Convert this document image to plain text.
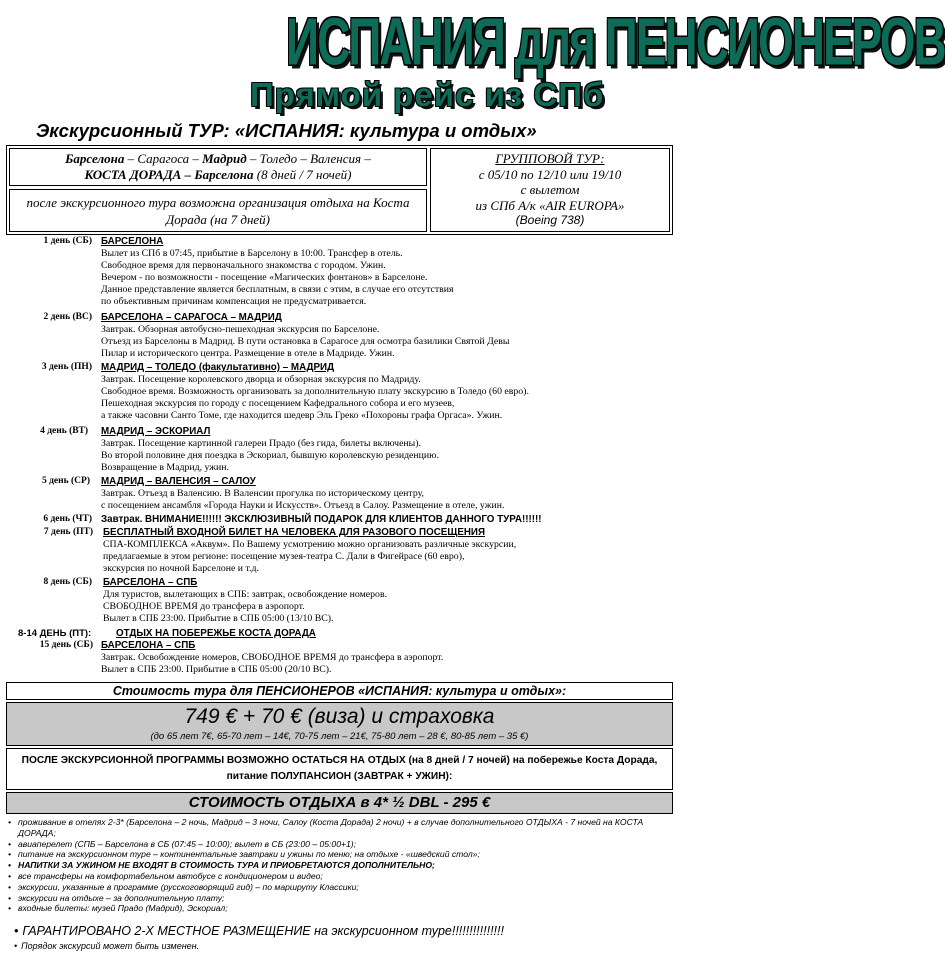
ИСПАНИЯ для ПЕНСИОНЕРОВ
Прямой рейс из СПб
Экскурсионный ТУР: «ИСПАНИЯ: культура и отдых»
Барселона – Сарагоса – Мадрид – Толедо – Валенсия –
КОСТА ДОРАДА – Барселона (8 дней / 7 ночей)
после экскурсионного тура возможна организация отдыха на Коста Дорада (на 7 дней)
ГРУППОВОЙ ТУР:
с 05/10 по 12/10 или 19/10
с вылетом
из СПб А/к «AIR EUROPA»
(Boeing 738)
1 день (СБ) БАРСЕЛОНА
Вылет из СПб в 07:45, прибытие в Барселону в 10:00. Трансфер в отель.
Свободное время для первоначального знакомства с городом. Ужин.
Вечером - по возможности - посещение «Магических фонтанов» в Барселоне.
Данное представление является бесплатным, в связи с этим, в случае его отсутствия
по объективным причинам компенсация не предусматривается.
2 день (ВС) БАРСЕЛОНА – САРАГОСА – МАДРИД
Завтрак. Обзорная автобусно-пешеходная экскурсия по Барселоне.
Отъезд из Барселоны в Мадрид. В пути остановка в Сарагосе для осмотра базилики Святой Девы
Пилар и исторического центра. Размещение в отеле в Мадриде. Ужин.
3 день (ПН) МАДРИД – ТОЛЕДО (факультативно) – МАДРИД
Завтрак. Посещение королевского дворца и обзорная экскурсия по Мадриду.
Свободное время. Возможность организовать за дополнительную плату экскурсию в Толедо (60 евро).
Пешеходная экскурсия по городу с посещением Кафедрального собора и его музеев,
а также часовни Санто Томе, где находится шедевр Эль Греко «Похороны графа Оргаса». Ужин.
4 день (ВТ) МАДРИД – ЭСКОРИАЛ
Завтрак. Посещение картинной галереи Прадо (без гида, билеты включены).
Во второй половине дня поездка в Эскориал, бывшую королевскую резиденцию.
Возвращение в Мадрид, ужин.
5 день (СР) МАДРИД – ВАЛЕНСИЯ – САЛОУ
Завтрак. Отъезд в Валенсию. В Валенсии прогулка по историческому центру,
с посещением ансамбля «Города Науки и Искусств». Отъезд в Салоу. Размещение в отеле, ужин.
6 день (ЧТ) Завтрак. ВНИМАНИЕ!!!!!! ЭКСКЛЮЗИВНЫЙ ПОДАРОК ДЛЯ КЛИЕНТОВ ДАННОГО ТУРА!!!!!!
7 день (ПТ) БЕСПЛАТНЫЙ ВХОДНОЙ БИЛЕТ НА ЧЕЛОВЕКА ДЛЯ РАЗОВОГО ПОСЕЩЕНИЯ
СПА-КОМПЛЕКСА «Аквум». По Вашему усмотрению можно организовать различные экскурсии,
предлагаемые в этом регионе: посещение музея-театра С. Дали в Фигейрасе (60 евро),
экскурсия по ночной Барселоне и т.д.
8 день (СБ) БАРСЕЛОНА – СПБ
Для туристов, вылетающих в СПБ: завтрак, освобождение номеров.
СВОБОДНОЕ ВРЕМЯ до трансфера в аэропорт.
Вылет в СПБ 23:00. Прибытие в СПБ 05:00 (13/10 ВС).
8-14 ДЕНЬ (ПТ):	ОТДЫХ НА ПОБЕРЕЖЬЕ КОСТА ДОРАДА
15 день (СБ) БАРСЕЛОНА – СПБ
Завтрак. Освобождение номеров, СВОБОДНОЕ ВРЕМЯ до трансфера в аэропорт.
Вылет в СПБ 23:00. Прибытие в СПБ 05:00 (20/10 ВС).
Стоимость тура для ПЕНСИОНЕРОВ «ИСПАНИЯ: культура и отдых»:
749 € + 70 € (виза) и страховка
(до 65 лет 7€, 65-70 лет – 14€, 70-75 лет – 21€, 75-80 лет – 28 €, 80-85 лет – 35 €)
ПОСЛЕ ЭКСКУРСИОННОЙ ПРОГРАММЫ ВОЗМОЖНО ОСТАТЬСЯ НА ОТДЫХ (на 8 дней / 7 ночей) на побережье Коста Дорада, питание ПОЛУПАНСИОН (ЗАВТРАК + УЖИН):
СТОИМОСТЬ ОТДЫХА в 4* ½ DBL - 295 €
• проживание в отелях 2-3* (Барселона – 2 ночь, Мадрид – 3 ночи, Салоу (Коста Дорада) 2 ночи) + в случае дополнительного ОТДЫХА - 7 ночей на КОСТА ДОРАДА;
• авиаперелет (СПБ – Барселона в СБ (07:45 – 10:00); вылет в СБ (23:00 – 05:00+1);
• питание на экскурсионном туре – континентальные завтраки и ужины по меню; на отдыхе - «шведский стол»;
• НАПИТКИ ЗА УЖИНОМ НЕ ВХОДЯТ В СТОИМОСТЬ ТУРА И ПРИОБРЕТАЮТСЯ ДОПОЛНИТЕЛЬНО;
• все трансферы на комфортабельном автобусе с кондиционером и видео;
• экскурсии, указанные в программе (русскоговорящий гид) – по маршруту Классики;
• экскурсии на отдыхе – за дополнительную плату;
• входные билеты: музей Прадо (Мадрид), Эскориал;
• ГАРАНТИРОВАНО 2-Х МЕСТНОЕ РАЗМЕЩЕНИЕ на экскурсионном туре!!!!!!!!!!!!!!!
• Порядок экскурсий может быть изменен.
